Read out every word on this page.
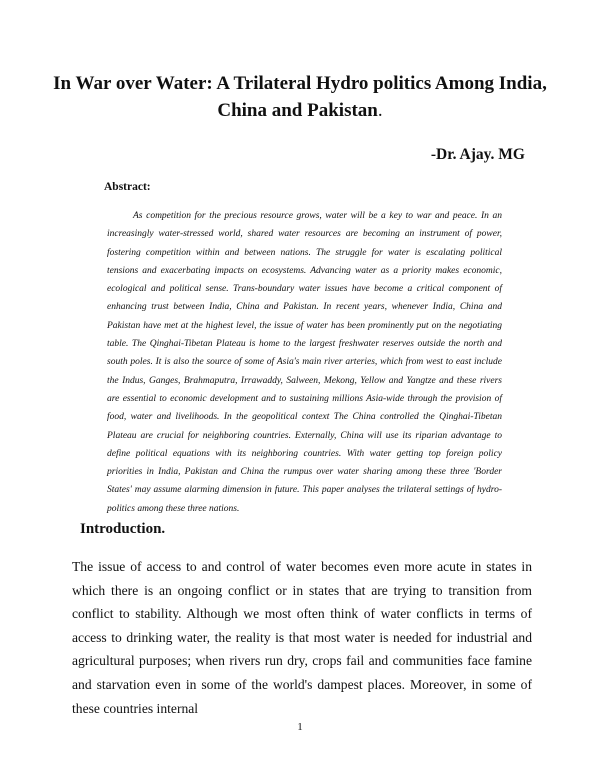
In War over Water: A Trilateral Hydro politics Among India, China and Pakistan.

-Dr. Ajay. MG

Abstract:

As competition for the precious resource grows, water will be a key to war and peace. In an increasingly water-stressed world, shared water resources are becoming an instrument of power, fostering competition within and between nations. The struggle for water is escalating political tensions and exacerbating impacts on ecosystems. Advancing water as a priority makes economic, ecological and political sense. Trans-boundary water issues have become a critical component of enhancing trust between India, China and Pakistan. In recent years, whenever India, China and Pakistan have met at the highest level, the issue of water has been prominently put on the negotiating table. The Qinghai-Tibetan Plateau is home to the largest freshwater reserves outside the north and south poles. It is also the source of some of Asia's main river arteries, which from west to east include the Indus, Ganges, Brahmaputra, Irrawaddy, Salween, Mekong, Yellow and Yangtze and these rivers are essential to economic development and to sustaining millions Asia-wide through the provision of food, water and livelihoods. In the geopolitical context The China controlled the Qinghai-Tibetan Plateau are crucial for neighboring countries. Externally, China will use its riparian advantage to define political equations with its neighboring countries. With water getting top foreign policy priorities in India, Pakistan and China the rumpus over water sharing among these three 'Border States' may assume alarming dimension in future. This paper analyses the trilateral settings of hydro-politics among these three nations.

Introduction.

The issue of access to and control of water becomes even more acute in states in which there is an ongoing conflict or in states that are trying to transition from conflict to stability. Although we most often think of water conflicts in terms of access to drinking water, the reality is that most water is needed for industrial and agricultural purposes; when rivers run dry, crops fail and communities face famine and starvation even in some of the world's dampest places. Moreover, in some of these countries internal

1
